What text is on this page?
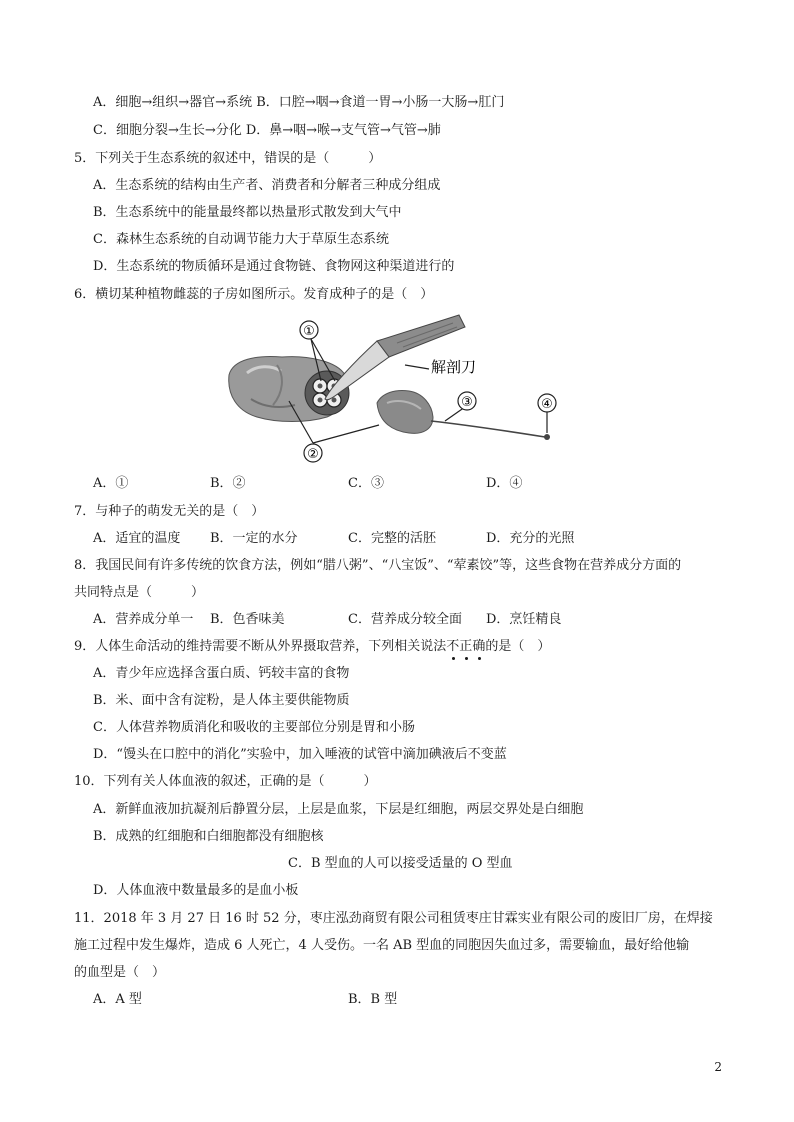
A．细胞→组织→器官→系统 B．口腔→咽→食道一胃→小肠一大肠→肛门
C．细胞分裂→生长→分化 D．鼻→咽→喉→支气管→气管→肺
5．下列关于生态系统的叙述中，错误的是（　　　）
A．生态系统的结构由生产者、消费者和分解者三种成分组成
B．生态系统中的能量最终都以热量形式散发到大气中
C．森林生态系统的自动调节能力大于草原生态系统
D．生态系统的物质循环是通过食物链、食物网这种渠道进行的
6．横切某种植物雌蕊的子房如图所示。发育成种子的是（　）
①
②
③	④
解剖刀
A．①	B．②	C．③	D．④
7．与种子的萌发无关的是（　）
A．适宜的温度 B．一定的水分	C．完整的活胚	D．充分的光照
8．我国民间有许多传统的饮食方法，例如“腊八粥”、“八宝饭”、“荤素饺”等，这些食物在营养成分方面的
共同特点是（　　　）
A．营养成分单一 B．色香味美	C．营养成分较全面 D．烹饪精良
9．人体生命活动的维持需要不断从外界摄取营养，下列相关说法不正确的是（　）
A．青少年应选择含蛋白质、钙较丰富的食物
B．米、面中含有淀粉，是人体主要供能物质
C．人体营养物质消化和吸收的主要部位分别是胃和小肠
D．“馒头在口腔中的消化”实验中，加入唾液的试管中滴加碘液后不变蓝
10．下列有关人体血液的叙述，正确的是（　　　）
A．新鲜血液加抗凝剂后静置分层，上层是血浆，下层是红细胞，两层交界处是白细胞
B．成熟的红细胞和白细胞都没有细胞核
C．B 型血的人可以接受适量的 O 型血
D．人体血液中数量最多的是血小板
11．2018 年 3 月 27 日 16 时 52 分，枣庄泓劲商贸有限公司租赁枣庄甘霖实业有限公司的废旧厂房，在焊接
施工过程中发生爆炸，造成 6 人死亡，4 人受伤。一名 AB 型血的同胞因失血过多，需要输血，最好给他输
的血型是（　）
A．A 型	B．B 型
2
